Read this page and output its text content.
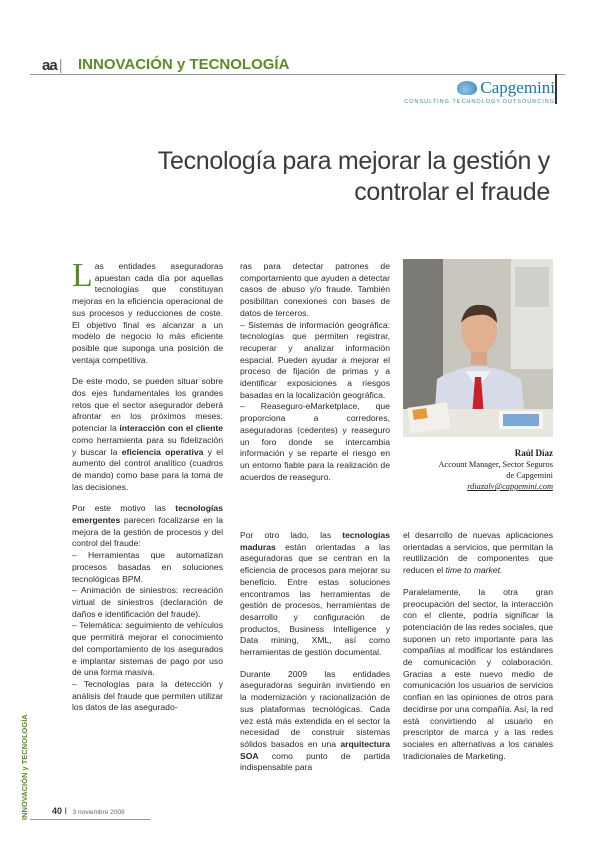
aa | INNOVACIÓN y TECNOLOGÍA
Capgemini
CONSULTING.TECHNOLOGY.OUTSOURCING
Tecnología para mejorar la gestión y controlar el fraude

Las entidades aseguradoras apuestan cada día por aquellas tecnologías que constituyan mejoras en la eficiencia operacional de sus procesos y reducciones de coste. El objetivo final es alcanzar a un modelo de negocio lo más eficiente posible que suponga una posición de ventaja competitiva.

De este modo, se pueden situar sobre dos ejes fundamentales los grandes retos que el sector asegurador deberá afrontar en los próximos meses: potenciar la interacción con el cliente como herramienta para su fidelización y buscar la eficiencia operativa y el aumento del control analítico (cuadros de mando) como base para la toma de las decisiones.

Por este motivo las tecnologías emergentes parecen focalizarse en la mejora de la gestión de procesos y del control del fraude:

– Herramientas que automatizan procesos basadas en soluciones tecnológicas BPM.
– Animación de siniestros: recreación virtual de siniestros (declaración de daños e identificación del fraude).
– Telemática: seguimiento de vehículos que permitirá mejorar el conocimiento del comportamiento de los asegurados e implantar sistemas de pago por uso de una forma masiva.
– Tecnologías para la detección y análisis del fraude que permiten utilizar los datos de las asegurado-
ras para detectar patrones de comportamiento que ayuden a detectar casos de abuso y/o fraude. También posibilitan conexiones con bases de datos de terceros.
– Sistemas de información geográfica: tecnologías que permiten registrar, recuperar y analizar información espacial. Pueden ayudar a mejorar el proceso de fijación de primas y a identificar exposiciones a riesgos basadas en la localización geográfica.
– Reaseguro-eMarketplace, que proporciona a corredores, aseguradoras (cedentes) y reaseguro un foro donde se intercambia información y se reparte el riesgo en un entorno fiable para la realización de acuerdos de reaseguro.
Raúl Díaz
Account Manager, Sector Seguros
de Capgemini
rdiazalv@capgemini.com

Por otro lado, las tecnologías maduras están orientadas a las aseguradoras que se centran en la eficiencia de procesos para mejorar su beneficio. Entre estas soluciones encontramos las herramientas de gestión de procesos, herramientas de desarrollo y configuración de productos, Business Intelligence y Data mining, XML, así como herramientas de gestión documental.

Durante 2009 las entidades aseguradoras seguirán invirtiendo en la modernización y racionalización de sus plataformas tecnológicas. Cada vez está más extendida en el sector la necesidad de construir sistemas sólidos basados en una arquitectura SOA como punto de partida indispensable para

el desarrollo de nuevas aplicaciones orientadas a servicios, que permitan la reutilización de componentes que reducen el time to market.

Paralelamente, la otra gran preocupación del sector, la interacción con el cliente, podría significar la potenciación de las redes sociales, que suponen un reto importante para las compañías al modificar los estándares de comunicación y colaboración. Gracias a este nuevo medio de comunicación los usuarios de servicios confían en las opiniones de otros para decidirse por una compañía. Así, la red está convirtiendo al usuario en prescriptor de marca y a las redes sociales en alternativas a los canales tradicionales de Marketing.

INNOVACIÓN y TECNOLOGÍA	40 I 3 noviembre 2008
